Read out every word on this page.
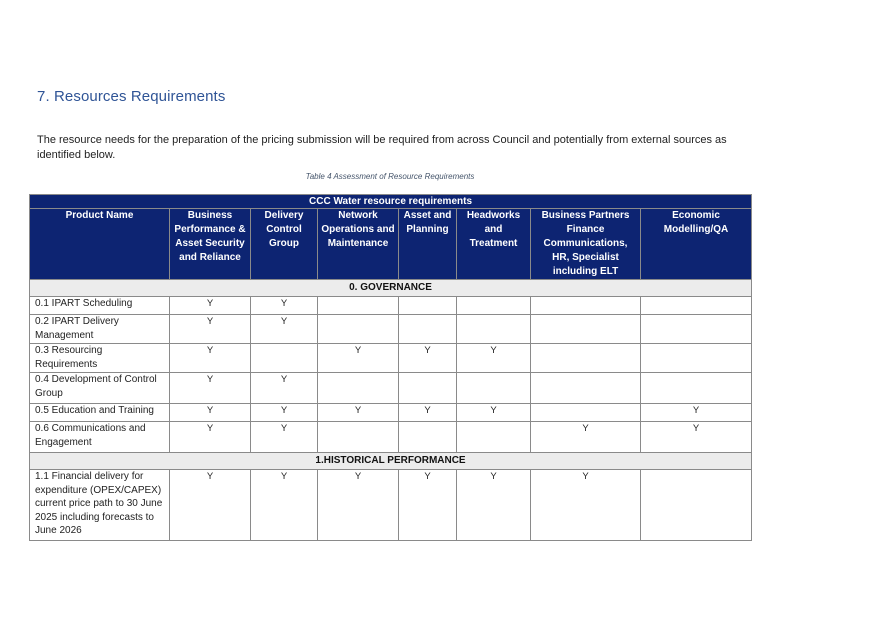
7. Resources Requirements
The resource needs for the preparation of the pricing submission will be required from across Council and potentially from external sources as identified below.
Table 4 Assessment of Resource Requirements
CCC Water resource requirements							
Product Name	Business Performance & Asset Security and Reliance	Delivery Control Group	Network Operations and Maintenance	Asset and Planning	Headworks and Treatment	Business Partners Finance Communications, HR, Specialist including ELT	Economic Modelling/QA
0. GOVERNANCE							
0.1 IPART Scheduling	Y	Y					
0.2 IPART Delivery Management	Y	Y					
0.3 Resourcing Requirements	Y		Y	Y	Y		
0.4 Development of Control Group	Y	Y					
0.5 Education and Training	Y	Y	Y	Y	Y		Y
0.6 Communications and Engagement	Y	Y				Y	Y
1.HISTORICAL PERFORMANCE							
1.1 Financial delivery for expenditure (OPEX/CAPEX) current price path to 30 June 2025 including forecasts to June 2026	Y	Y	Y	Y	Y	Y	
